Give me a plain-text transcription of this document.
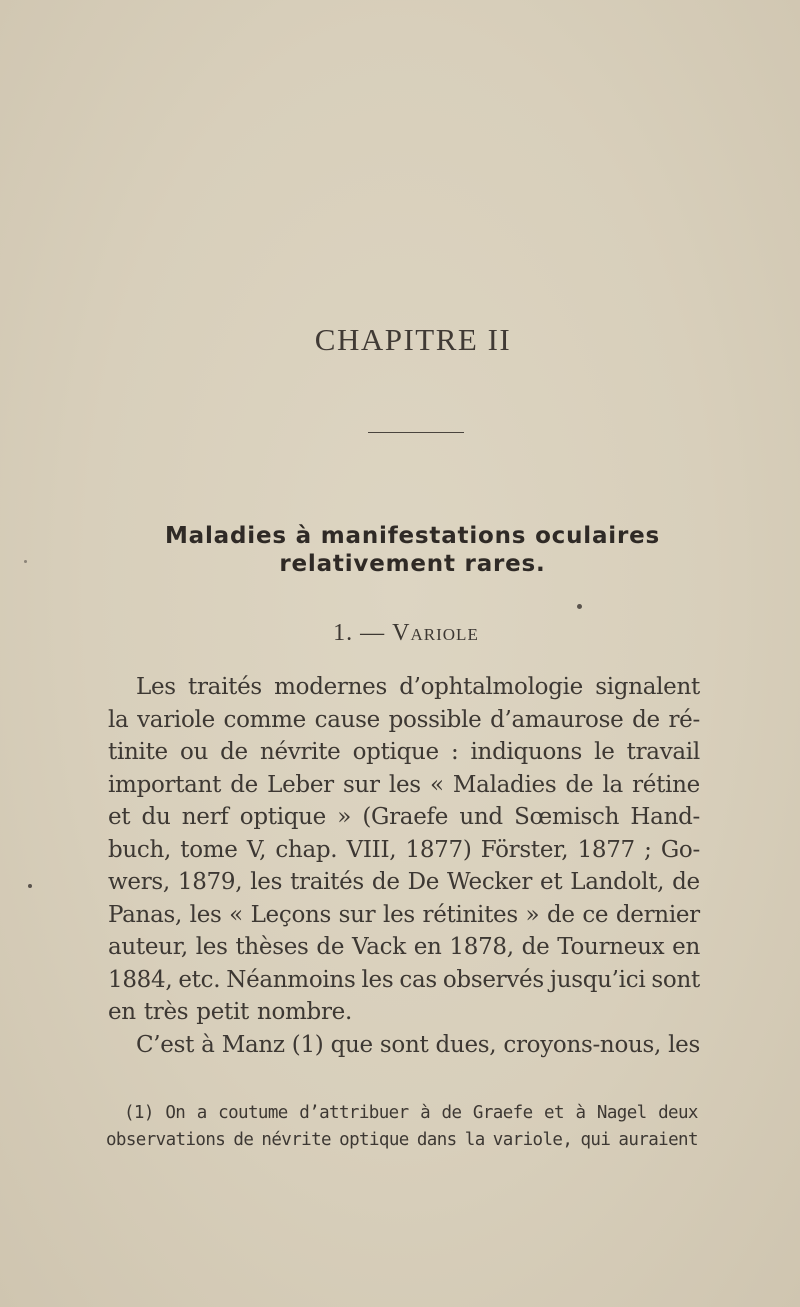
CHAPITRE II
Maladies à manifestations oculaires
relativement rares.
1. — Variole
Les traités modernes d’ophtalmologie signalent
la variole comme cause possible d’amaurose de ré-
tinite ou de névrite optique : indiquons le travail
important de Leber sur les « Maladies de la rétine
et du nerf optique » (Graefe und Sœmisch Hand-
buch, tome V, chap. VIII, 1877) Förster, 1877 ; Go-
wers, 1879, les traités de De Wecker et Landolt, de
Panas, les « Leçons sur les rétinites » de ce dernier
auteur, les thèses de Vack en 1878, de Tourneux en
1884, etc. Néanmoins les cas observés jusqu’ici sont
en très petit nombre.
C’est à Manz (1) que sont dues, croyons-nous, les
(1) On a coutume d’attribuer à de Graefe et à Nagel deux
observations de névrite optique dans la variole, qui auraient
